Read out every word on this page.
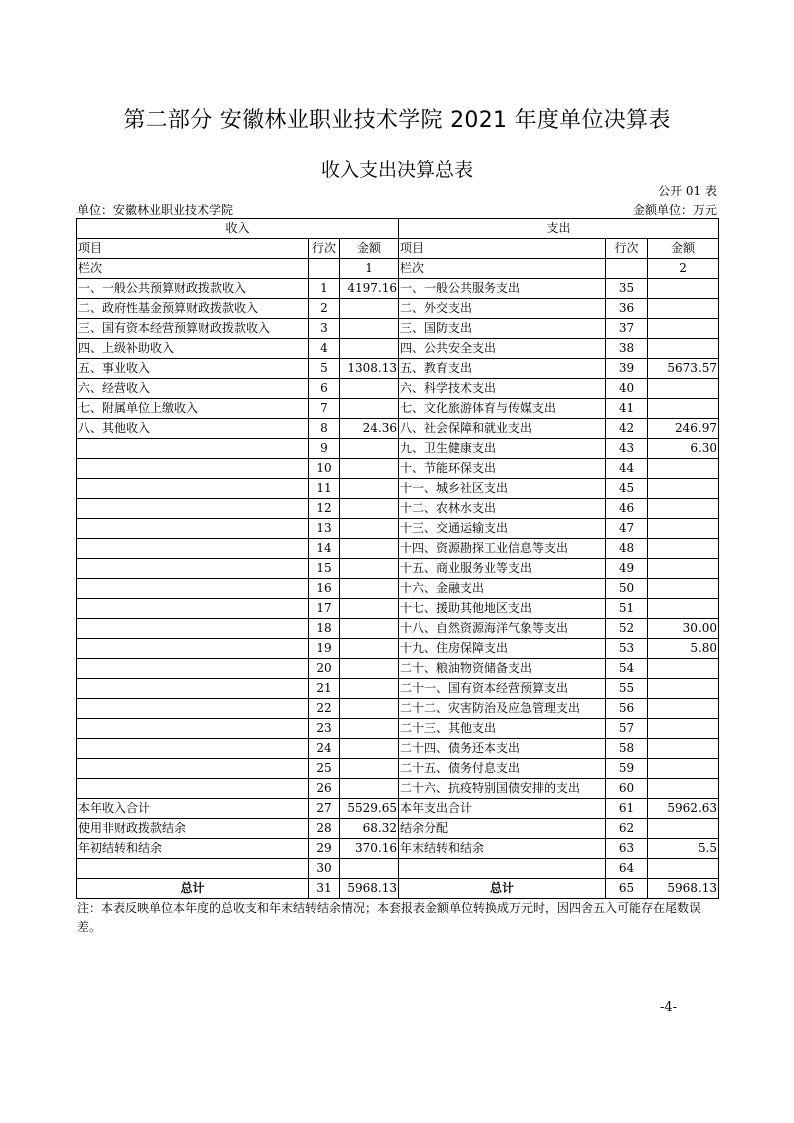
第二部分 安徽林业职业技术学院 2021 年度单位决算表
收入支出决算总表
公开 01 表
单位：安徽林业职业技术学院	金额单位：万元
收入			支出		
项目	行次	金额	项目	行次	金额
栏次		1	栏次		2
一、一般公共预算财政拨款收入	1	4197.16	一、一般公共服务支出	35	
二、政府性基金预算财政拨款收入	2		二、外交支出	36	
三、国有资本经营预算财政拨款收入	3		三、国防支出	37	
四、上级补助收入	4		四、公共安全支出	38	
五、事业收入	5	1308.13	五、教育支出	39	5673.57
六、经营收入	6		六、科学技术支出	40	
七、附属单位上缴收入	7		七、文化旅游体育与传媒支出	41	
八、其他收入	8	24.36	八、社会保障和就业支出	42	246.97
	9		九、卫生健康支出	43	6.30
	10		十、节能环保支出	44	
	11		十一、城乡社区支出	45	
	12		十二、农林水支出	46	
	13		十三、交通运输支出	47	
	14		十四、资源勘探工业信息等支出	48	
	15		十五、商业服务业等支出	49	
	16		十六、金融支出	50	
	17		十七、援助其他地区支出	51	
	18		十八、自然资源海洋气象等支出	52	30.00
	19		十九、住房保障支出	53	5.80
	20		二十、粮油物资储备支出	54	
	21		二十一、国有资本经营预算支出	55	
	22		二十二、灾害防治及应急管理支出	56	
	23		二十三、其他支出	57	
	24		二十四、债务还本支出	58	
	25		二十五、债务付息支出	59	
	26		二十六、抗疫特别国债安排的支出	60	
本年收入合计	27	5529.65	本年支出合计	61	5962.63
使用非财政拨款结余	28	68.32	结余分配	62	
年初结转和结余	29	370.16	年末结转和结余	63	5.5
	30			64	
总计	31	5968.13	总计	65	5968.13
注：本表反映单位本年度的总收支和年末结转结余情况；本套报表金额单位转换成万元时，因四舍五入可能存在尾数误差。
-4-
